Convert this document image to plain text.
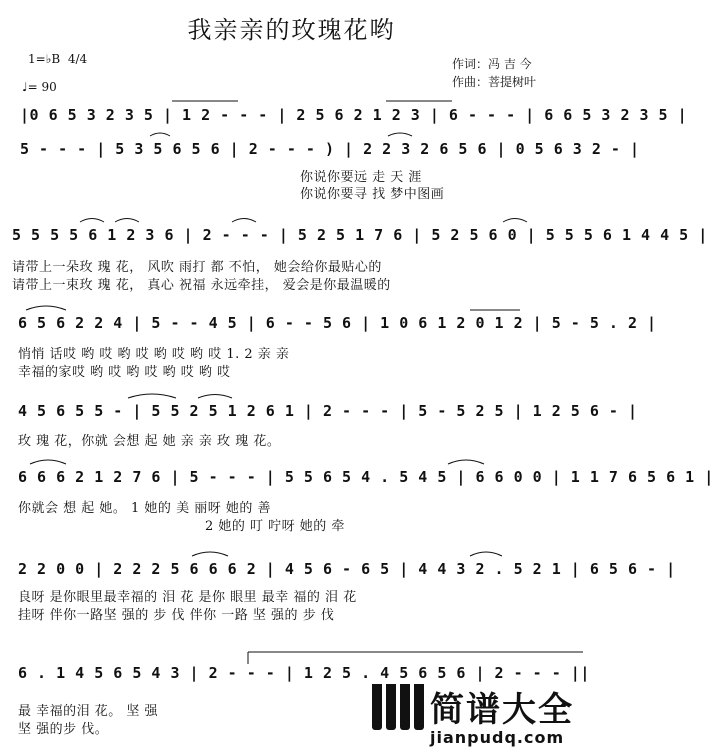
我亲亲的玫瑰花哟
1=♭B 4/4
♩= 90
作词：冯 吉 今
作曲：菩提树叶
|0 6 5 3 2 3 5 | 1 2 - - - | 2 5 6 2 1 2 3 | 6 - - - | 6 6 5 3 2 3 5 |
5 - - - | 5 3 5 6 5 6 | 2 - - - ) | 2 2 3 2 6 5 6 | 0 5 6 3 2 - |
你说你要远 走 天 涯
你说你要寻 找 梦中图画
5 5 5 5 6 1 2 3 6 | 2 - - - | 5 2 5 1 7 6 | 5 2 5 6 0 | 5 5 5 6 1 4 4 5 |
请带上一朵玫 瑰 花， 风吹 雨打 都 不怕， 她会给你最贴心的
请带上一束玫 瑰 花， 真心 祝福 永远牵挂， 爱会是你最温暖的
6 5 6 2 2 4 | 5 - - 4 5 | 6 - - 5 6 | 1 0 6 1 2 0 1 2 | 5 - 5 . 2 |
悄悄 话哎 哟 哎 哟 哎 哟 哎 哟 哎 1. 2 亲 亲
幸福的家哎 哟 哎 哟 哎 哟 哎 哟 哎
4 5 6 5 5 - | 5 5 2 5 1 2 6 1 | 2 - - - | 5 - 5 2 5 | 1 2 5 6 - |
玫 瑰 花，你就 会想 起 她 亲 亲 玫 瑰 花。
6 6 6 2 1 2 7 6 | 5 - - - | 5 5 6 5 4 . 5 4 5 | 6 6 0 0 | 1 1 7 6 5 6 1 |
你就会 想 起 她。 1 她的 美 丽呀 她的 善
2 她的 叮 咛呀 她的 牵
2 2 0 0 | 2 2 2 5 6 6 6 2 | 4 5 6 - 6 5 | 4 4 3 2 . 5 2 1 | 6 5 6 - |
良呀 是你眼里最幸福的 泪 花 是你 眼里 最幸 福的 泪 花
挂呀 伴你一路坚 强的 步 伐 伴你 一路 坚 强的 步 伐
6 . 1 4 5 6 5 4 3 | 2 - - - | 1 2 5 . 4 5 6 5 6 | 2 - - - ||
最 幸福的泪 花。 坚 强
坚 强的步 伐。	简谱大全
jianpudq.com
